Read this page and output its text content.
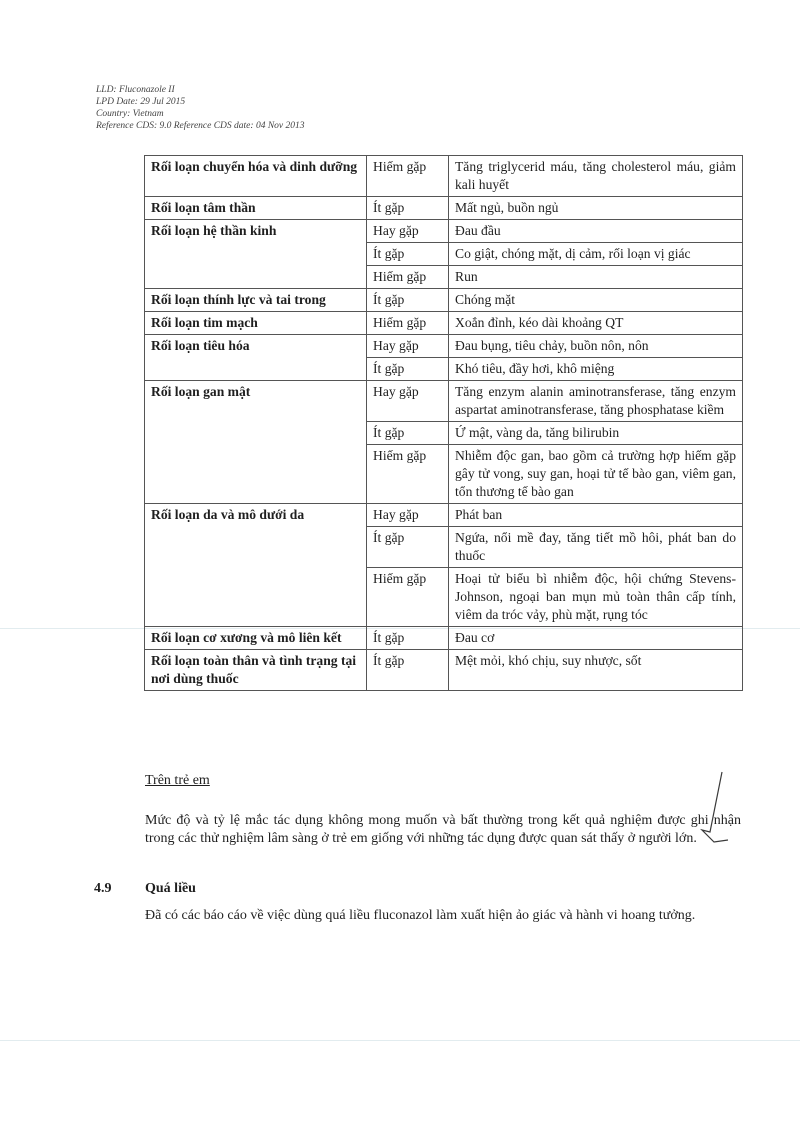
LLD: Fluconazole II
LPD Date: 29 Jul 2015
Country: Vietnam
Reference CDS: 9.0 Reference CDS date: 04 Nov 2013
Rối loạn chuyển hóa và dinh dưỡng	Hiếm gặp	Tăng triglycerid máu, tăng cholesterol máu, giảm kali huyết
Rối loạn tâm thần	Ít gặp	Mất ngủ, buồn ngủ
Rối loạn hệ thần kinh	Hay gặp	Đau đầu
	Ít gặp	Co giật, chóng mặt, dị cảm, rối loạn vị giác
	Hiếm gặp	Run
Rối loạn thính lực và tai trong	Ít gặp	Chóng mặt
Rối loạn tim mạch	Hiếm gặp	Xoắn đỉnh, kéo dài khoảng QT
Rối loạn tiêu hóa	Hay gặp	Đau bụng, tiêu chảy, buồn nôn, nôn
	Ít gặp	Khó tiêu, đầy hơi, khô miệng
Rối loạn gan mật	Hay gặp	Tăng enzym alanin aminotransferase, tăng enzym aspartat aminotransferase, tăng phosphatase kiềm
	Ít gặp	Ứ mật, vàng da, tăng bilirubin
	Hiếm gặp	Nhiễm độc gan, bao gồm cả trường hợp hiếm gặp gây tử vong, suy gan, hoại tử tế bào gan, viêm gan, tổn thương tế bào gan
Rối loạn da và mô dưới da	Hay gặp	Phát ban
	Ít gặp	Ngứa, nổi mề đay, tăng tiết mồ hôi, phát ban do thuốc
	Hiếm gặp	Hoại tử biểu bì nhiễm độc, hội chứng Stevens-Johnson, ngoại ban mụn mủ toàn thân cấp tính, viêm da tróc vảy, phù mặt, rụng tóc
Rối loạn cơ xương và mô liên kết	Ít gặp	Đau cơ
Rối loạn toàn thân và tình trạng tại nơi dùng thuốc	Ít gặp	Mệt mỏi, khó chịu, suy nhược, sốt
Trên trẻ em
Mức độ và tỷ lệ mắc tác dụng không mong muốn và bất thường trong kết quả nghiệm được ghi nhận trong các thử nghiệm lâm sàng ở trẻ em giống với những tác dụng được quan sát thấy ở người lớn.
4.9 Quá liều
Đã có các báo cáo về việc dùng quá liều fluconazol làm xuất hiện ảo giác và hành vi hoang tưởng.
